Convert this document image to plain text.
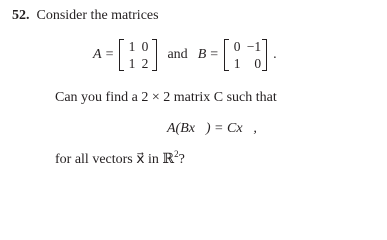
52. Consider the matrices
A =
1 0
1 2
and B =
0 −1
1	0
.
Can you find a 2 × 2 matrix C such that
A(Bx⃗) = Cx⃗,
for all vectors x⃗ in ℝ$^2$?
